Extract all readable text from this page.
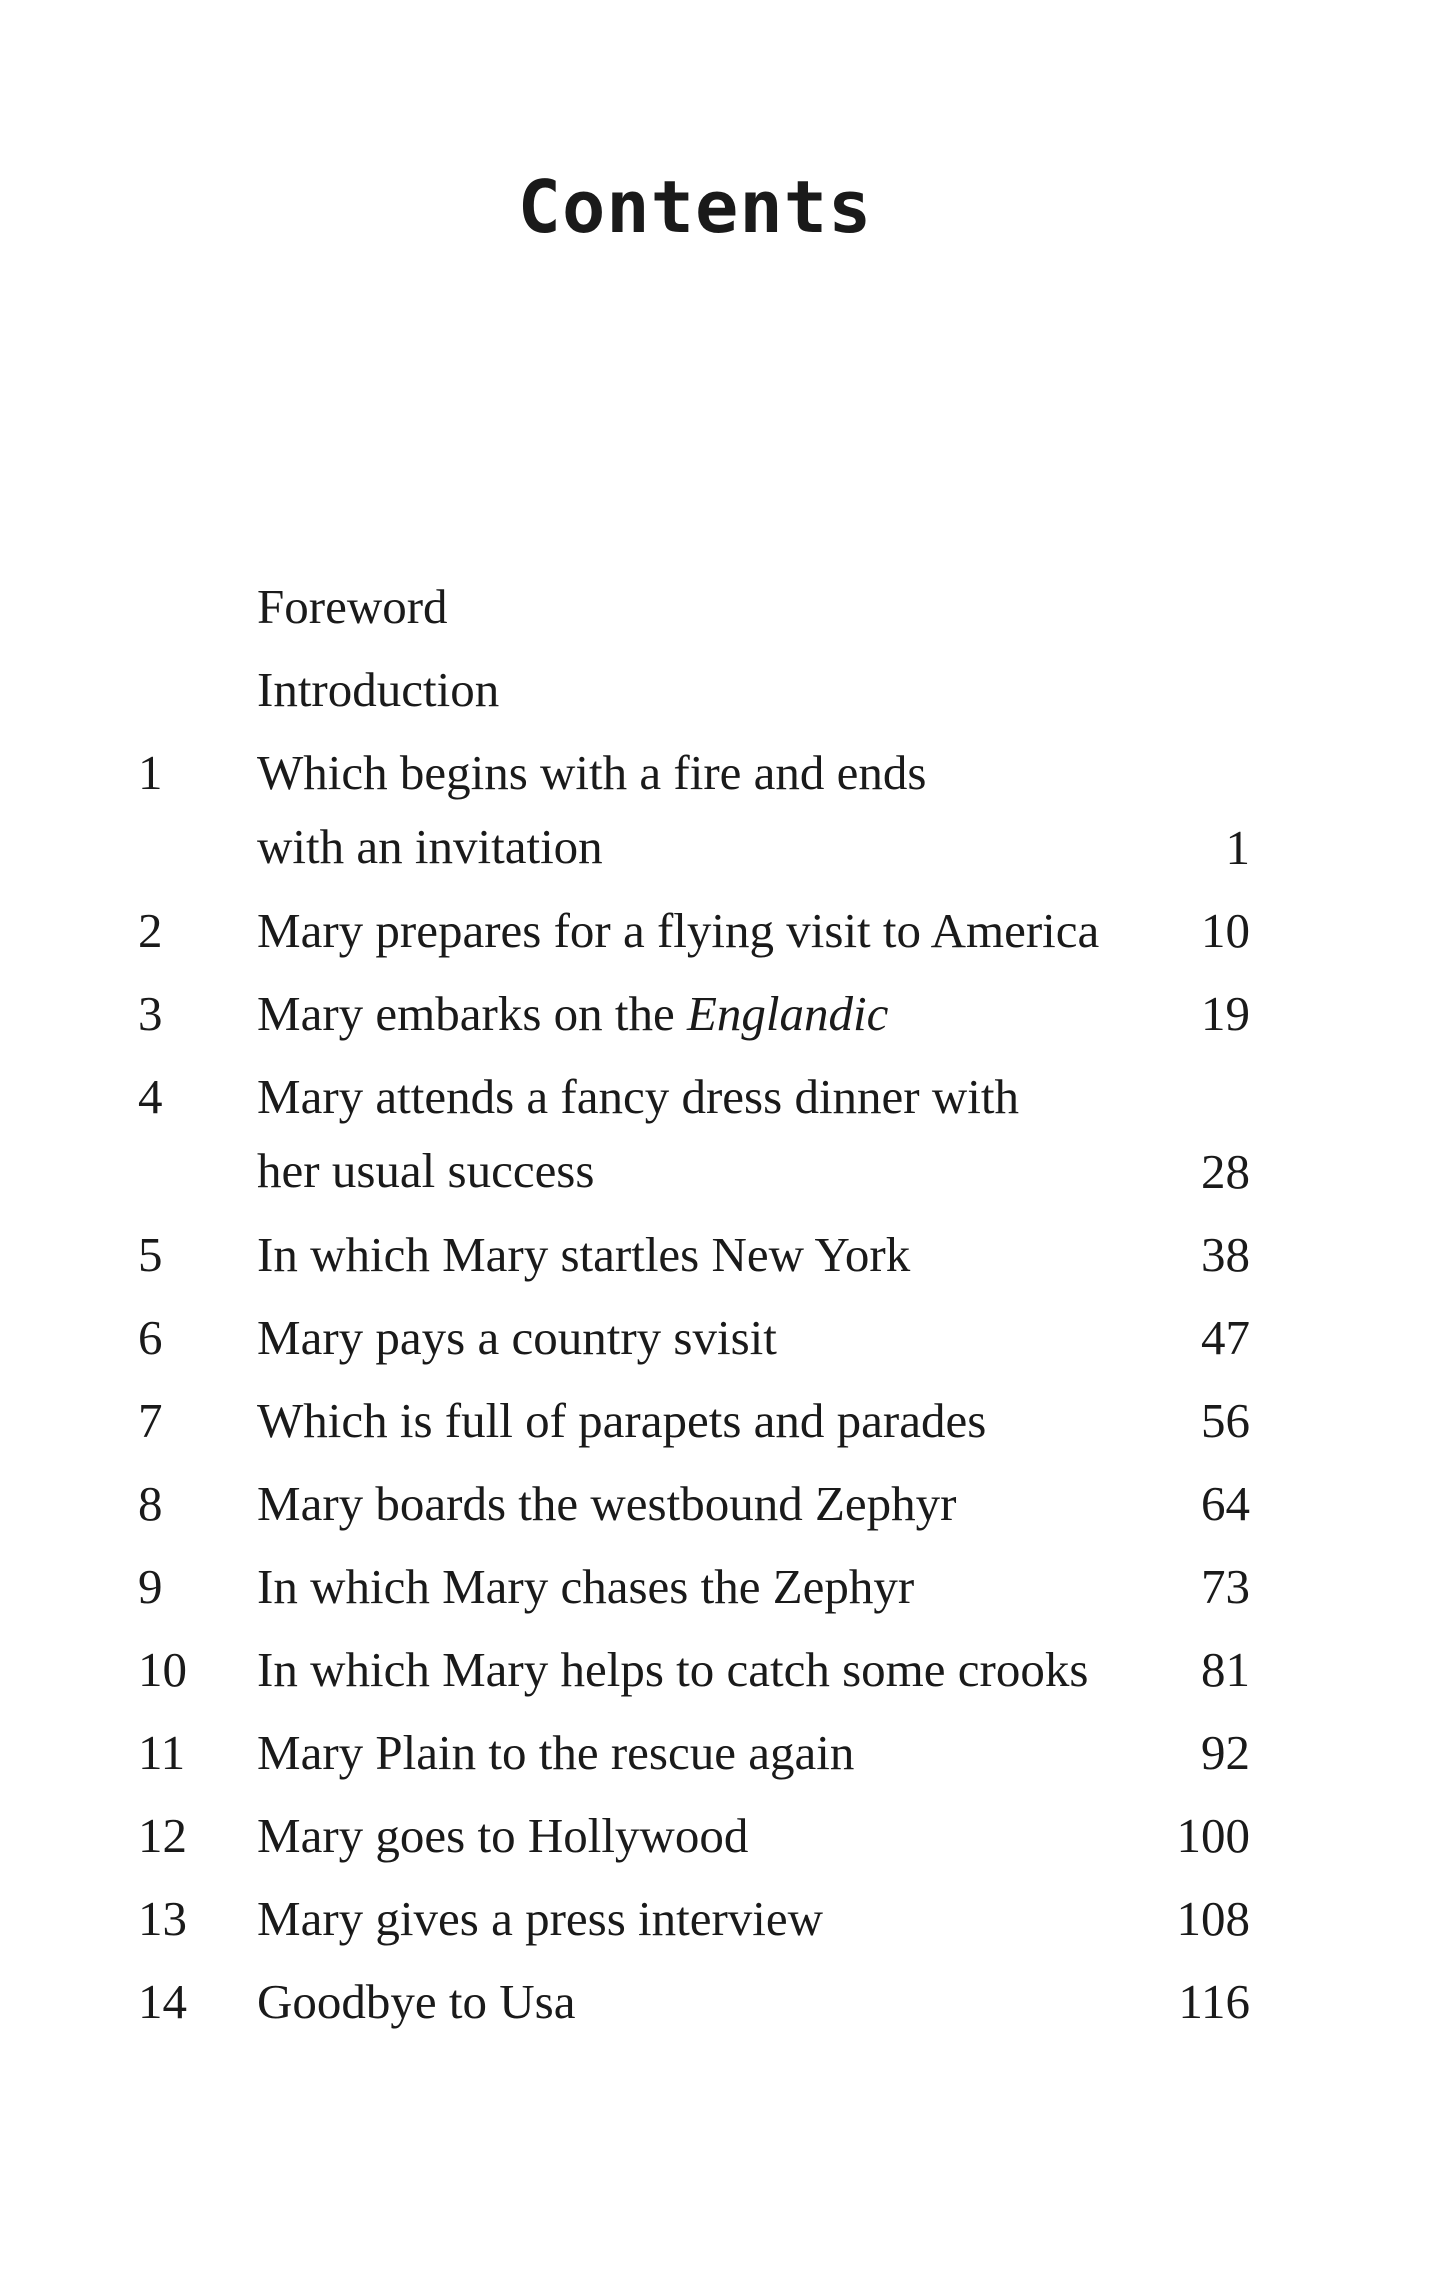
Contents
Foreword
Introduction
1	Which begins with a fire and ends
with an invitation	1
2	Mary prepares for a flying visit to America	10
3	Mary embarks on the Englandic	19
4	Mary attends a fancy dress dinner with
her usual success	28
5	In which Mary startles New York	38
6	Mary pays a country svisit	47
7	Which is full of parapets and parades	56
8	Mary boards the westbound Zephyr	64
9	In which Mary chases the Zephyr	73
10	In which Mary helps to catch some crooks	81
11	Mary Plain to the rescue again	92
12	Mary goes to Hollywood	100
13	Mary gives a press interview	108
14	Goodbye to Usa	116
